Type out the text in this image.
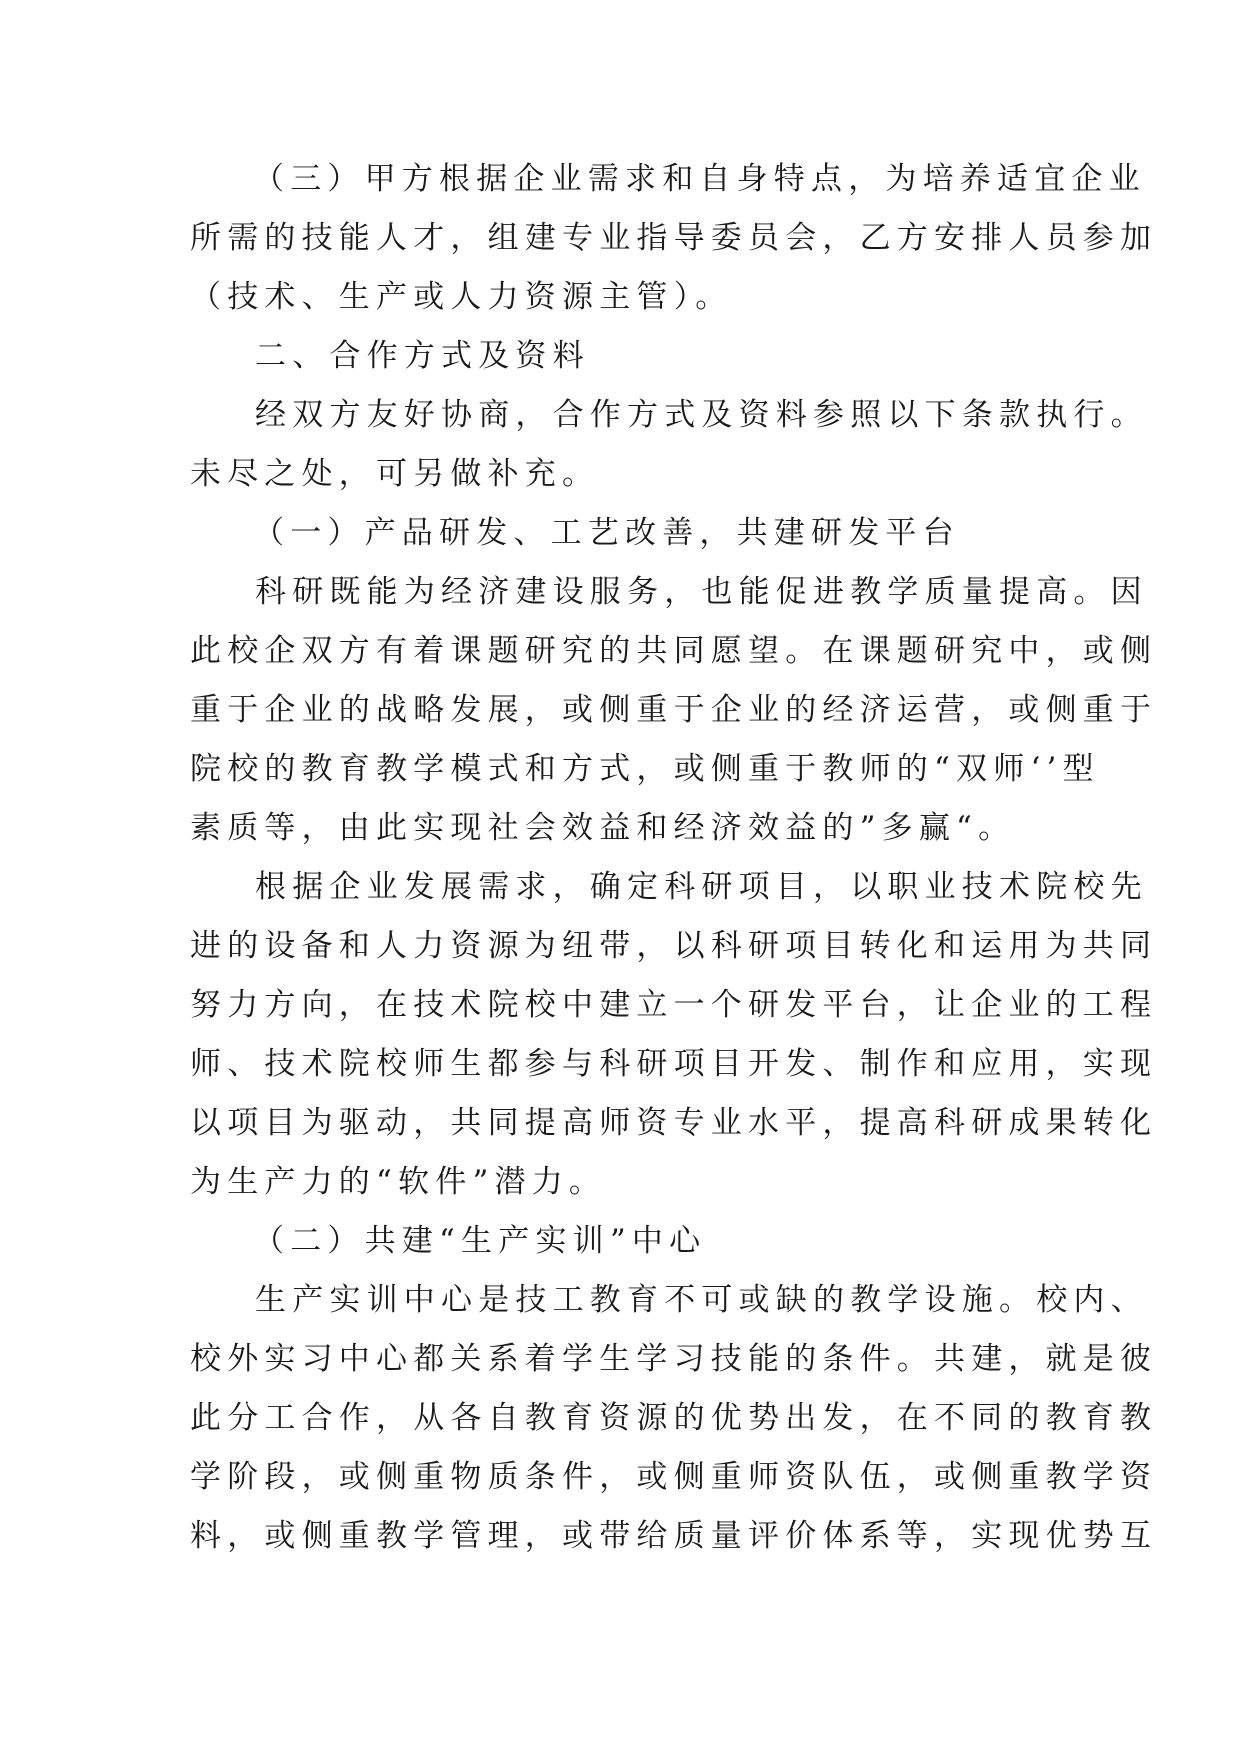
（三）甲方根据企业需求和自身特点，为培养适宜企业
所需的技能人才，组建专业指导委员会，乙方安排人员参加
（技术、生产或人力资源主管）。
二、合作方式及资料
经双方友好协商，合作方式及资料参照以下条款执行。
未尽之处，可另做补充。
（一）产品研发、工艺改善，共建研发平台
科研既能为经济建设服务，也能促进教学质量提高。因
此校企双方有着课题研究的共同愿望。在课题研究中，或侧
重于企业的战略发展，或侧重于企业的经济运营，或侧重于
院校的教育教学模式和方式，或侧重于教师的“双师‘’型
素质等，由此实现社会效益和经济效益的”多赢“。
根据企业发展需求，确定科研项目，以职业技术院校先
进的设备和人力资源为纽带，以科研项目转化和运用为共同
努力方向，在技术院校中建立一个研发平台，让企业的工程
师、技术院校师生都参与科研项目开发、制作和应用，实现
以项目为驱动，共同提高师资专业水平，提高科研成果转化
为生产力的“软件”潜力。
（二）共建“生产实训”中心
生产实训中心是技工教育不可或缺的教学设施。校内、
校外实习中心都关系着学生学习技能的条件。共建，就是彼
此分工合作，从各自教育资源的优势出发，在不同的教育教
学阶段，或侧重物质条件，或侧重师资队伍，或侧重教学资
料，或侧重教学管理，或带给质量评价体系等，实现优势互
